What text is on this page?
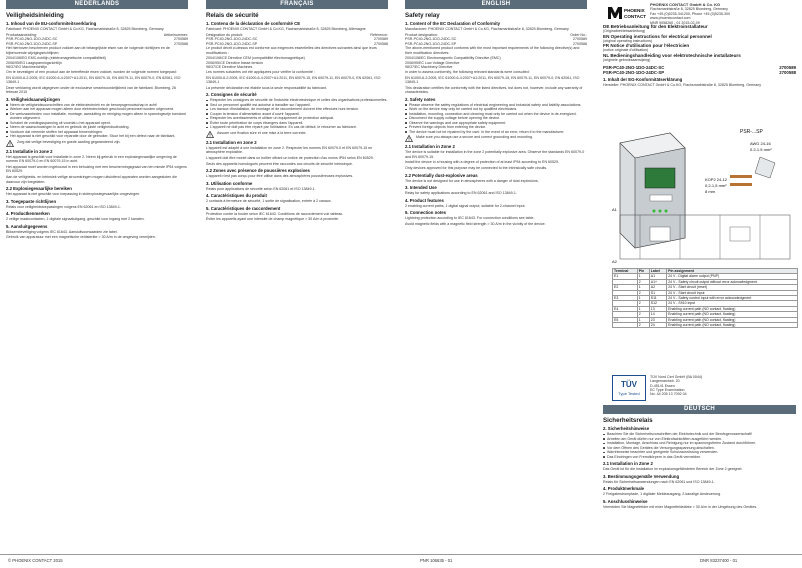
NEDERLANDS
Veiligheidsinleiding
1. Inhoud van de EU-conformiteitsverklaring

Fabrikant: PHOENIX CONTACT GmbH & Co.KG, Flachsmarktstraße 8, 32825 Blomberg, Germany

Productaanduiding:	Artikelnummer:
PSR-PC40-2NO-1DO-24DC-SC	2700589
PSR-PC40-2NO-1DO-24DC-SP	2700588

Het hierboven beschreven product voldoet aan de belangrijkste eisen van de volgende richtlijnen en de bijbehorende wijzigingsrichtlijnen:

2004/108/EG EMC-richtlijn (elektromagnetische compatibiliteit)
2006/95/EG Laagspanningsrichtlijn
98/37/EG Machinerichtlijn

Om te bevestigen of een product aan de betreffende eisen voldoet, worden de volgende normen toegepast:

EN 61000-6-2:2005, IEC 61000-6-4:2007+A1:2011, EN 60079-15, EN 60079-11, EN 60079-0, EN 62061, ISO 13849-1

Deze verklaring wordt uitgegeven onder de exclusieve verantwoordelijkheid van de fabrikant. Blomberg, 26 februari 2015

3. Veiligheidsaanwijzingen
Neem de veiligheidsvoorschriften van de elektrotechniek en de beroepsgenootschap in acht!
Werken aan het apparaat mogen alleen door elektrotechnisch geschoold personeel worden uitgevoerd.
De werkzaamheden voor installatie, montage, aansluiting en reiniging mogen alleen in spanningsvrije toestand worden uitgevoerd.
Schakel de voedingsspanning uit voordat u het apparaat opent.
Neem de waarschuwingen in acht en gebruik de juiste veiligheidsuitrusting.
Voorkom dat vreemde stoffen het apparaat binnendringen.
Het apparaat is niet geschikt voor reparatie door de gebruiker. Stuur het bij een defect naar de fabrikant.
Zorg dat veilige bevestiging en goede aarding gegarandeerd zijn.
2.1 Installatie in zone 2

Het apparaat is geschikt voor installatie in zone 2. Neem bij gebruik in een explosiegevaarlijke omgeving de normen EN 60079-0 en EN 60079-15 in acht.

Het apparaat moet worden ingebouwd in een behuizing met een beschermingsgraad van ten minste IP54 volgens EN 60529.

Aan de veiligheids- en intrinsiek veilige stroomkringen mogen uitsluitend apparaten worden aangesloten die daarvoor zijn toegelaten.

2.2 Explosiegevaarlijke bereiken

Het apparaat is niet geschikt voor toepassing in stofexplosiegevaarlijke omgevingen.

3. Toegepaste richtlijnen

Relais voor veiligheidstoepassingen volgens EN 62061 en ISO 13849-1.

4. Productkenmerken

2 veilige maakcontacten, 1 digitale signaaluitgang, geschikt voor ingang met 2 kanalen.

5. Aansluitgegevens

Bliksembeveiliging volgens IEC 61643. Aansluitvoorwaarden zie tabel.

Gebruik van apparatuur met een magnetische veldsterkte > 30 A/m in de omgeving vermijden.

FRANÇAIS
Relais de sécurité
1. Contenu de la déclaration de conformité CE

Fabricant: PHOENIX CONTACT GmbH & Co.KG, Flachsmarktstraße 8, 32825 Blomberg, Allemagne

Désignation du produit:	Référence:
PSR-PC40-2NO-1DO-24DC-SC	2700589
PSR-PC40-2NO-1DO-24DC-SP	2700588

Le produit décrit ci-dessus est conforme aux exigences essentielles des directives suivantes ainsi que leurs modifications :

2004/108/CE Directive CEM (compatibilité électromagnétique)
2006/95/CE Directive basse tension
98/37/CE Directive Machines

Les normes suivantes ont été appliquées pour vérifier la conformité :

EN 61000-6-2:2005, IEC 61000-6-4:2007+A1:2011, EN 60079-15, EN 60079-11, EN 60079-0, EN 62061, ISO 13849-1

La présente déclaration est établie sous la seule responsabilité du fabricant.

2. Consignes de sécurité
Respecter les consignes de sécurité de l'industrie électrotechnique et celles des organisations professionnelles.
Seul un personnel qualifié est autorisé à travailler sur l'appareil.
Les travaux d'installation, de montage et de raccordement doivent être effectués hors tension.
Couper la tension d'alimentation avant d'ouvrir l'appareil.
Respecter les avertissements et utiliser un équipement de protection adéquat.
Éviter toute pénétration de corps étrangers dans l'appareil.
L'appareil ne doit pas être réparé par l'utilisateur. En cas de défaut, le retourner au fabricant.
Assurer une fixation sûre et une mise à la terre correcte.
2.1 Installation en zone 2

L'appareil est adapté à une installation en zone 2. Respecter les normes EN 60079-0 et EN 60079-15 en atmosphère explosible.

L'appareil doit être monté dans un boîtier offrant un indice de protection d'au moins IP54 selon EN 60529.

Seuls des appareils homologués peuvent être raccordés aux circuits de sécurité intrinsèque.

2.2 Zones avec présence de poussières explosives

L'appareil n'est pas conçu pour être utilisé dans des atmosphères poussiéreuses explosives.

3. Utilisation conforme

Relais pour applications de sécurité selon EN 62061 et ISO 13849-1.

4. Caractéristiques du produit

2 contacts à fermeture de sécurité, 1 sortie de signalisation, entrée à 2 canaux.

5. Caractéristiques de raccordement

Protection contre la foudre selon IEC 61643. Conditions de raccordement voir tableau.

Éviter les appareils ayant une intensité de champ magnétique > 30 A/m à proximité.

ENGLISH
Safety relay
1. Content of the EC Declaration of Conformity

Manufacturer: PHOENIX CONTACT GmbH & Co.KG, Flachsmarktstraße 8, 32825 Blomberg, Germany

Product designation:	Order No.:
PSR-PC40-2NO-1DO-24DC-SC	2700589
PSR-PC40-2NO-1DO-24DC-SP	2700588

The above-mentioned product conforms with the most important requirements of the following directive(s) and their modification directives:

2004/108/EC Electromagnetic Compatibility Directive (EMC)
2006/95/EC Low Voltage Directive
98/37/EC Machinery Directive

In order to assess conformity, the following relevant standards were consulted:

EN 61000-6-2:2005, IEC 61000-6-4:2007+A1:2011, EN 60079-15, EN 60079-11, EN 60079-0, EN 62061, ISO 13849-1

This declaration certifies the conformity with the listed directives, but does not, however, include any warranty of characteristics.

2. Safety notes
Please observe the safety regulations of electrical engineering and industrial safety and liability associations.
Work on the device may only be carried out by qualified electricians.
Installation, mounting, connection and cleaning must only be carried out when the device is de-energized.
Disconnect the supply voltage before opening the device.
Observe the warnings and use appropriate safety equipment.
Prevent foreign objects from entering the device.
The device must not be repaired by the user. In the event of an error, return it to the manufacturer.
Make sure you always use a secure and correct grounding and mounting.
2.1 Installation in Zone 2

The device is suitable for installation in the zone 2 potentially explosive area. Observe the standards EN 60079-0 and EN 60079-15.

Install the device in a housing with a degree of protection of at least IP54 according to EN 60529.

Only devices approved for this purpose may be connected to the intrinsically safe circuits.

2.2 Potentially dust-explosive areas

The device is not designed for use in atmospheres with a danger of dust explosions.

3. Intended Use

Relay for safety applications according to EN 62061 and ISO 13849-1.

4. Product features

2 enabling current paths, 1 digital signal output, suitable for 2-channel input.

5. Connection notes

Lightning protection according to IEC 61643. For connection conditions see table.

Avoid magnetic fields with a magnetic field strength > 30 A/m in the vicinity of the device.

PHOENIX
CONTACT
PHOENIX CONTACT GmbH & Co. KG
Flachsmarktstraße 8, 32825 Blomberg, Germany
Fax +49-(0)5235-341200, Phone +49-(0)5235-300
www.phoenixcontact.com
MNR 9058260 - 01 2015-02-09
DE Betriebsanleitung für den Elektroinstallateur
(Originalbetriebsanleitung)
EN Operating instructions for electrical personnel
(original operating instructions)
FR Notice d'utilisation pour l'électricien
(notice originale d'utilisation)
NL Bedieningshandleiding voor elektrotechnische installateurs
(originele gebruiksaanwijzing)
PSR-PC40-2NO-1DO-24DC-SC	2700589
PSR-PC40-2NO-1DO-24DC-SP	2700588
1. Inhalt der EG-Konformitätserklärung

Hersteller: PHOENIX CONTACT GmbH & Co.KG, Flachsmarktstraße 8, 32825 Blomberg, Germany

PSR-...SP
AWG 24-16
0.2-1.5 mm²
KOP2 24-12
0,2-1,5 mm²
8 mm
A1
A2
Terminal	Pin	Label	Pin assignment
E1	1	A1	24 V - Digital alarm output (PNP)
	2	A1+	24 V - Safety circuit output without error acknowledgment
E2	1	A2	24 V - Start circuit (reset)
	2	S1	24 V - Start circuit input
E3	1	S11	24 V - Safety control input with error acknowledgment
	2	S12	24 V - S910 input
E4	1	13	Enabling current path (NO contact, floating)
	2	14	Enabling current path (NO contact, floating)
E5	1	23	Enabling current path (NO contact, floating)
	2	24	Enabling current path (NO contact, floating)
TÜV
Type Tested
TÜV Nord Cert GmbH (BA 0044)
Langemarckstr. 20
D-45141 Essen
EC Type Examination
No. 44 205 13 7092 04
DEUTSCH
Sicherheitsrelais
2. Sicherheitshinweise
Beachten Sie die Sicherheitsvorschriften der Elektrotechnik und der Berufsgenossenschaft!
Arbeiten am Gerät dürfen nur von Elektrofachkräften ausgeführt werden.
Installation, Montage, Anschluss und Reinigung nur im spannungsfreien Zustand durchführen.
Vor dem Öffnen des Gerätes die Versorgungsspannung abschalten.
Warnhinweise beachten und geeignete Schutzausrüstung verwenden.
Das Eindringen von Fremdkörpern in das Gerät vermeiden.
2.1 Installation in Zone 2

Das Gerät ist für die Installation im explosionsgefährdeten Bereich der Zone 2 geeignet.

3. Bestimmungsgemäße Verwendung

Relais für Sicherheitsanwendungen nach EN 62061 und ISO 13849-1.

4. Produktmerkmale

2 Freigabestrompfade, 1 digitaler Meldeausgang, 2-kanalige Ansteuerung.

5. Anschlusshinweise

Vermeiden Sie Magnetfelder mit einer Magnetfeldstärke > 30 A/m in der Umgebung des Gerätes.

© PHOENIX CONTACT 2015	PNR 106635 - 01	DNR 83237400 - 01
